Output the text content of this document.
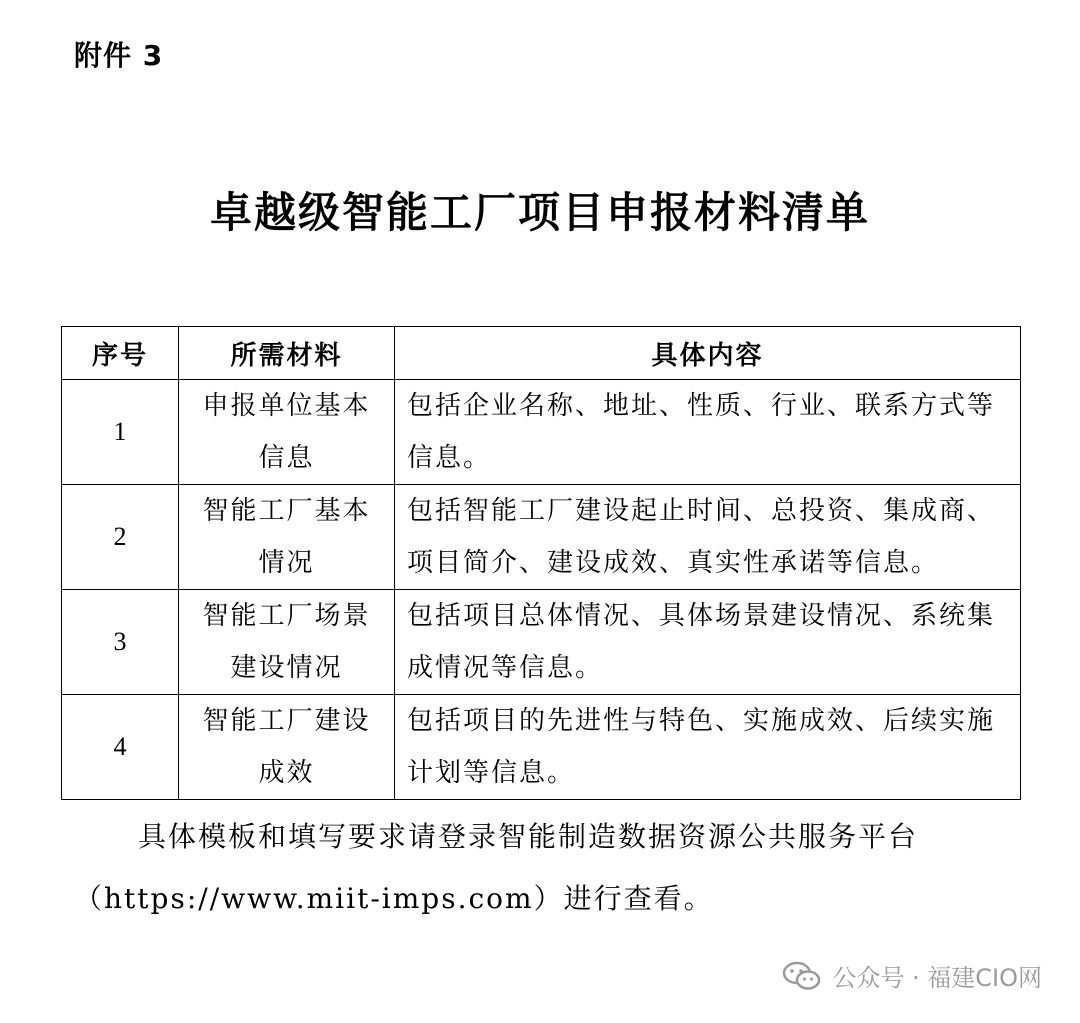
附件 3
卓越级智能工厂项目申报材料清单
序号	所需材料	具体内容
1	申报单位基本信息	包括企业名称、地址、性质、行业、联系方式等信息。
2	智能工厂基本情况	包括智能工厂建设起止时间、总投资、集成商、项目简介、建设成效、真实性承诺等信息。
3	智能工厂场景建设情况	包括项目总体情况、具体场景建设情况、系统集成情况等信息。
4	智能工厂建设成效	包括项目的先进性与特色、实施成效、后续实施计划等信息。
具体模板和填写要求请登录智能制造数据资源公共服务平台（https://www.miit-imps.com）进行查看。
公众号 · 福建CIO网
